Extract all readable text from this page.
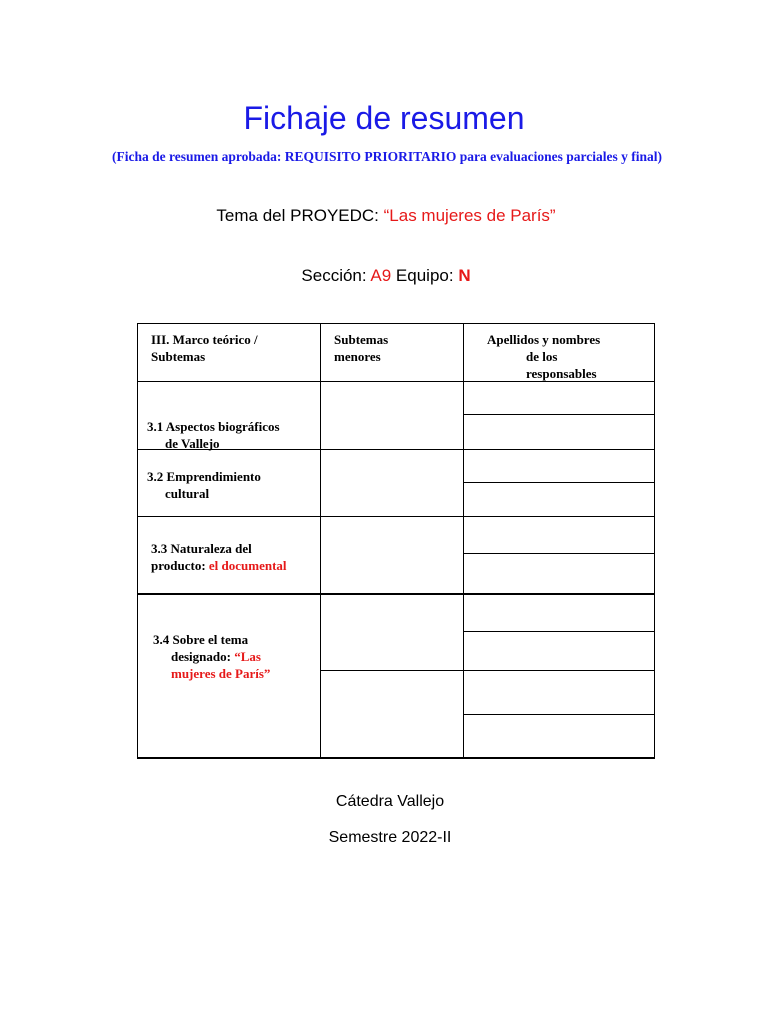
Fichaje de resumen
(Ficha de resumen aprobada: REQUISITO PRIORITARIO para evaluaciones parciales y final)
Tema del PROYEDC: “Las mujeres de París”
Sección: A9 Equipo: N
III. Marco teórico /
Subtemas
Subtemas
menores
Apellidos y nombres
de los
responsables
3.1 Aspectos biográficos
de Vallejo
3.2 Emprendimiento
cultural
3.3 Naturaleza del
producto: el documental
3.4 Sobre el tema
designado: “Las
mujeres de París”
Cátedra Vallejo
Semestre 2022-II
